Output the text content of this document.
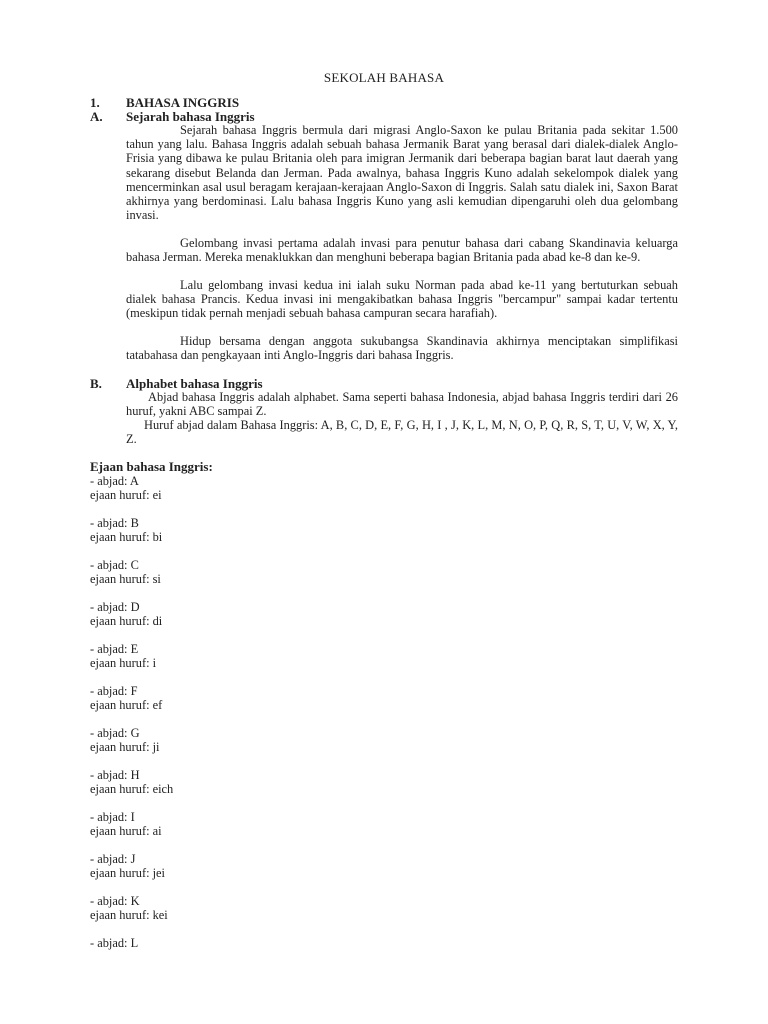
SEKOLAH BAHASA
1. BAHASA INGGRIS
A. Sejarah bahasa Inggris
Sejarah bahasa Inggris bermula dari migrasi Anglo-Saxon ke pulau Britania pada sekitar 1.500 tahun yang lalu. Bahasa Inggris adalah sebuah bahasa Jermanik Barat yang berasal dari dialek-dialek Anglo-Frisia yang dibawa ke pulau Britania oleh para imigran Jermanik dari beberapa bagian barat laut daerah yang sekarang disebut Belanda dan Jerman. Pada awalnya, bahasa Inggris Kuno adalah sekelompok dialek yang mencerminkan asal usul beragam kerajaan-kerajaan Anglo-Saxon di Inggris. Salah satu dialek ini, Saxon Barat akhirnya yang berdominasi. Lalu bahasa Inggris Kuno yang asli kemudian dipengaruhi oleh dua gelombang invasi.
Gelombang invasi pertama adalah invasi para penutur bahasa dari cabang Skandinavia keluarga bahasa Jerman. Mereka menaklukkan dan menghuni beberapa bagian Britania pada abad ke-8 dan ke-9.
Lalu gelombang invasi kedua ini ialah suku Norman pada abad ke-11 yang bertuturkan sebuah dialek bahasa Prancis. Kedua invasi ini mengakibatkan bahasa Inggris "bercampur" sampai kadar tertentu (meskipun tidak pernah menjadi sebuah bahasa campuran secara harafiah).
Hidup bersama dengan anggota sukubangsa Skandinavia akhirnya menciptakan simplifikasi tatabahasa dan pengkayaan inti Anglo-Inggris dari bahasa Inggris.
B. Alphabet bahasa Inggris
Abjad bahasa Inggris adalah alphabet. Sama seperti bahasa Indonesia, abjad bahasa Inggris terdiri dari 26 huruf, yakni ABC sampai Z.
Huruf abjad dalam Bahasa Inggris: A, B, C, D, E, F, G, H, I , J, K, L, M, N, O, P, Q, R, S, T, U, V, W, X, Y, Z.
Ejaan bahasa Inggris:
- abjad: A
ejaan huruf: ei
- abjad: B
ejaan huruf: bi
- abjad: C
ejaan huruf: si
- abjad: D
ejaan huruf: di
- abjad: E
ejaan huruf: i
- abjad: F
ejaan huruf: ef
- abjad: G
ejaan huruf: ji
- abjad: H
ejaan huruf: eich
- abjad: I
ejaan huruf: ai
- abjad: J
ejaan huruf: jei
- abjad: K
ejaan huruf: kei
- abjad: L
